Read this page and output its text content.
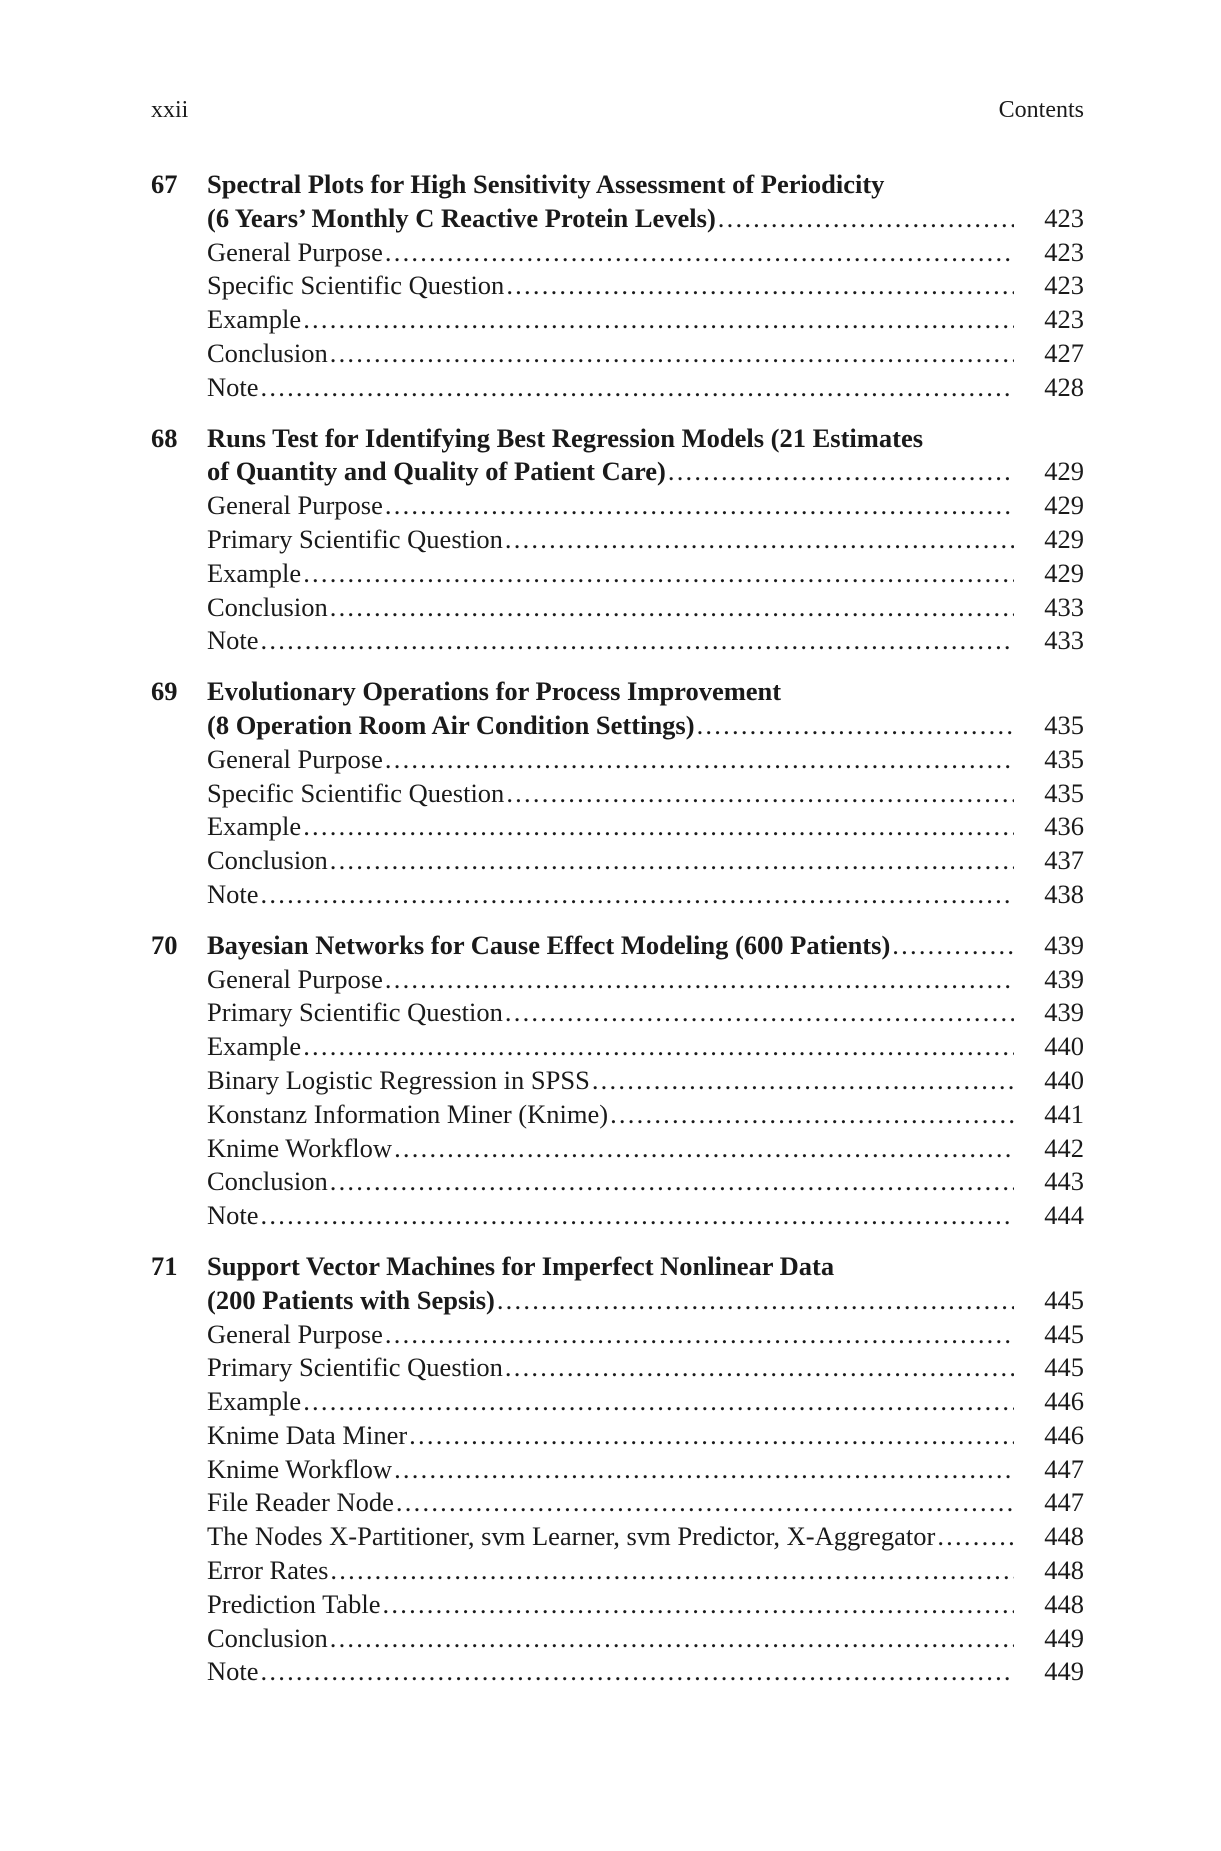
xxii	Contents
67	Spectral Plots for High Sensitivity Assessment of Periodicity
(6 Years’ Monthly C Reactive Protein Levels) . . .	423
General Purpose . . .	423
Specific Scientific Question . . .	423
Example . . .	423
Conclusion . . .	427
Note . . .	428
68	Runs Test for Identifying Best Regression Models (21 Estimates
of Quantity and Quality of Patient Care) . . .	429
General Purpose . . .	429
Primary Scientific Question . . .	429
Example . . .	429
Conclusion . . .	433
Note . . .	433
69	Evolutionary Operations for Process Improvement
(8 Operation Room Air Condition Settings) . . .	435
General Purpose . . .	435
Specific Scientific Question . . .	435
Example . . .	436
Conclusion . . .	437
Note . . .	438
70	Bayesian Networks for Cause Effect Modeling (600 Patients) . . .	439
General Purpose . . .	439
Primary Scientific Question . . .	439
Example . . .	440
Binary Logistic Regression in SPSS . . .	440
Konstanz Information Miner (Knime) . . .	441
Knime Workflow . . .	442
Conclusion . . .	443
Note . . .	444
71	Support Vector Machines for Imperfect Nonlinear Data
(200 Patients with Sepsis) . . .	445
General Purpose . . .	445
Primary Scientific Question . . .	445
Example . . .	446
Knime Data Miner . . .	446
Knime Workflow . . .	447
File Reader Node . . .	447
The Nodes X-Partitioner, svm Learner, svm Predictor, X-Aggregator . . .	448
Error Rates . . .	448
Prediction Table . . .	448
Conclusion . . .	449
Note . . .	449
